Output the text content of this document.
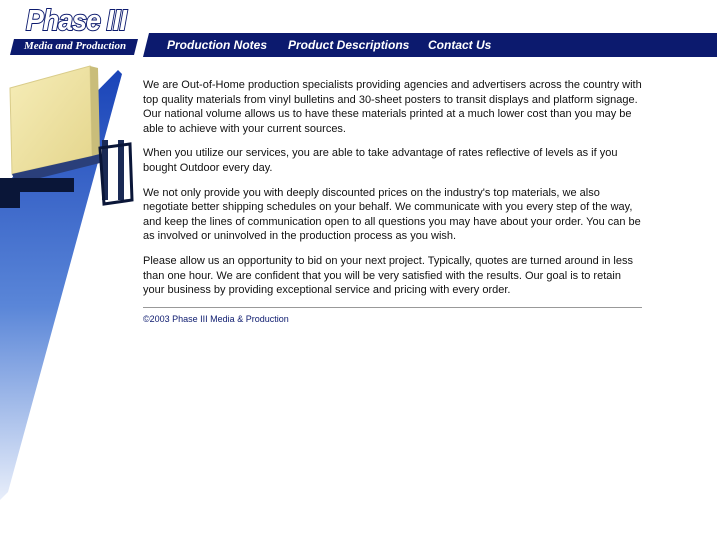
Phase III
Media and Production	Production Notes Product Descriptions Contact Us

We are Out-of-Home production specialists providing agencies and advertisers across the country with top quality materials from vinyl bulletins and 30-sheet posters to transit displays and platform signage. Our national volume allows us to have these materials printed at a much lower cost than you may be able to achieve with your current sources.

When you utilize our services, you are able to take advantage of rates reflective of levels as if you bought Outdoor every day.

We not only provide you with deeply discounted prices on the industry's top materials, we also negotiate better shipping schedules on your behalf. We communicate with you every step of the way, and keep the lines of communication open to all questions you may have about your order. You can be as involved or uninvolved in the production process as you wish.

Please allow us an opportunity to bid on your next project. Typically, quotes are turned around in less than one hour. We are confident that you will be very satisfied with the results. Our goal is to retain your business by providing exceptional service and pricing with every order.

©2003 Phase III Media & Production
